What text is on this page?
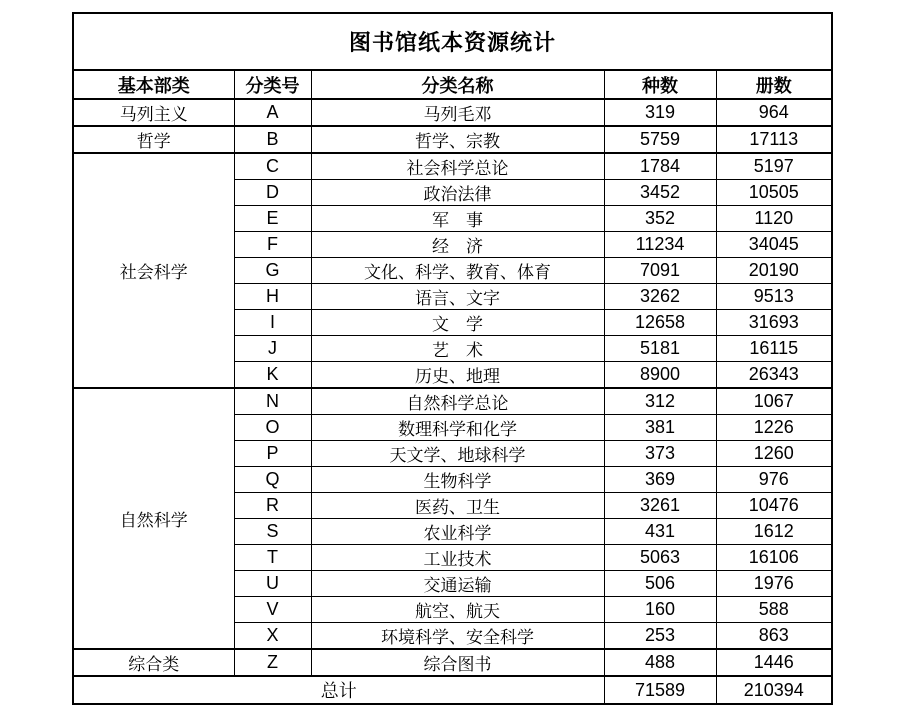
图书馆纸本资源统计				
基本部类	分类号	分类名称	种数	册数
马列主义	A	马列毛邓	319	964
哲学	B	哲学、宗教	5759	17113
社会科学	C	社会科学总论	1784	5197
	D	政治法律	3452	10505
	E	军　事	352	1120
	F	经　济	11234	34045
	G	文化、科学、教育、体育	7091	20190
	H	语言、文字	3262	9513
	I	文　学	12658	31693
	J	艺　术	5181	16115
	K	历史、地理	8900	26343
自然科学	N	自然科学总论	312	1067
	O	数理科学和化学	381	1226
	P	天文学、地球科学	373	1260
	Q	生物科学	369	976
	R	医药、卫生	3261	10476
	S	农业科学	431	1612
	T	工业技术	5063	16106
	U	交通运输	506	1976
	V	航空、航天	160	588
	X	环境科学、安全科学	253	863
综合类	Z	综合图书	488	1446
总计			71589	210394
